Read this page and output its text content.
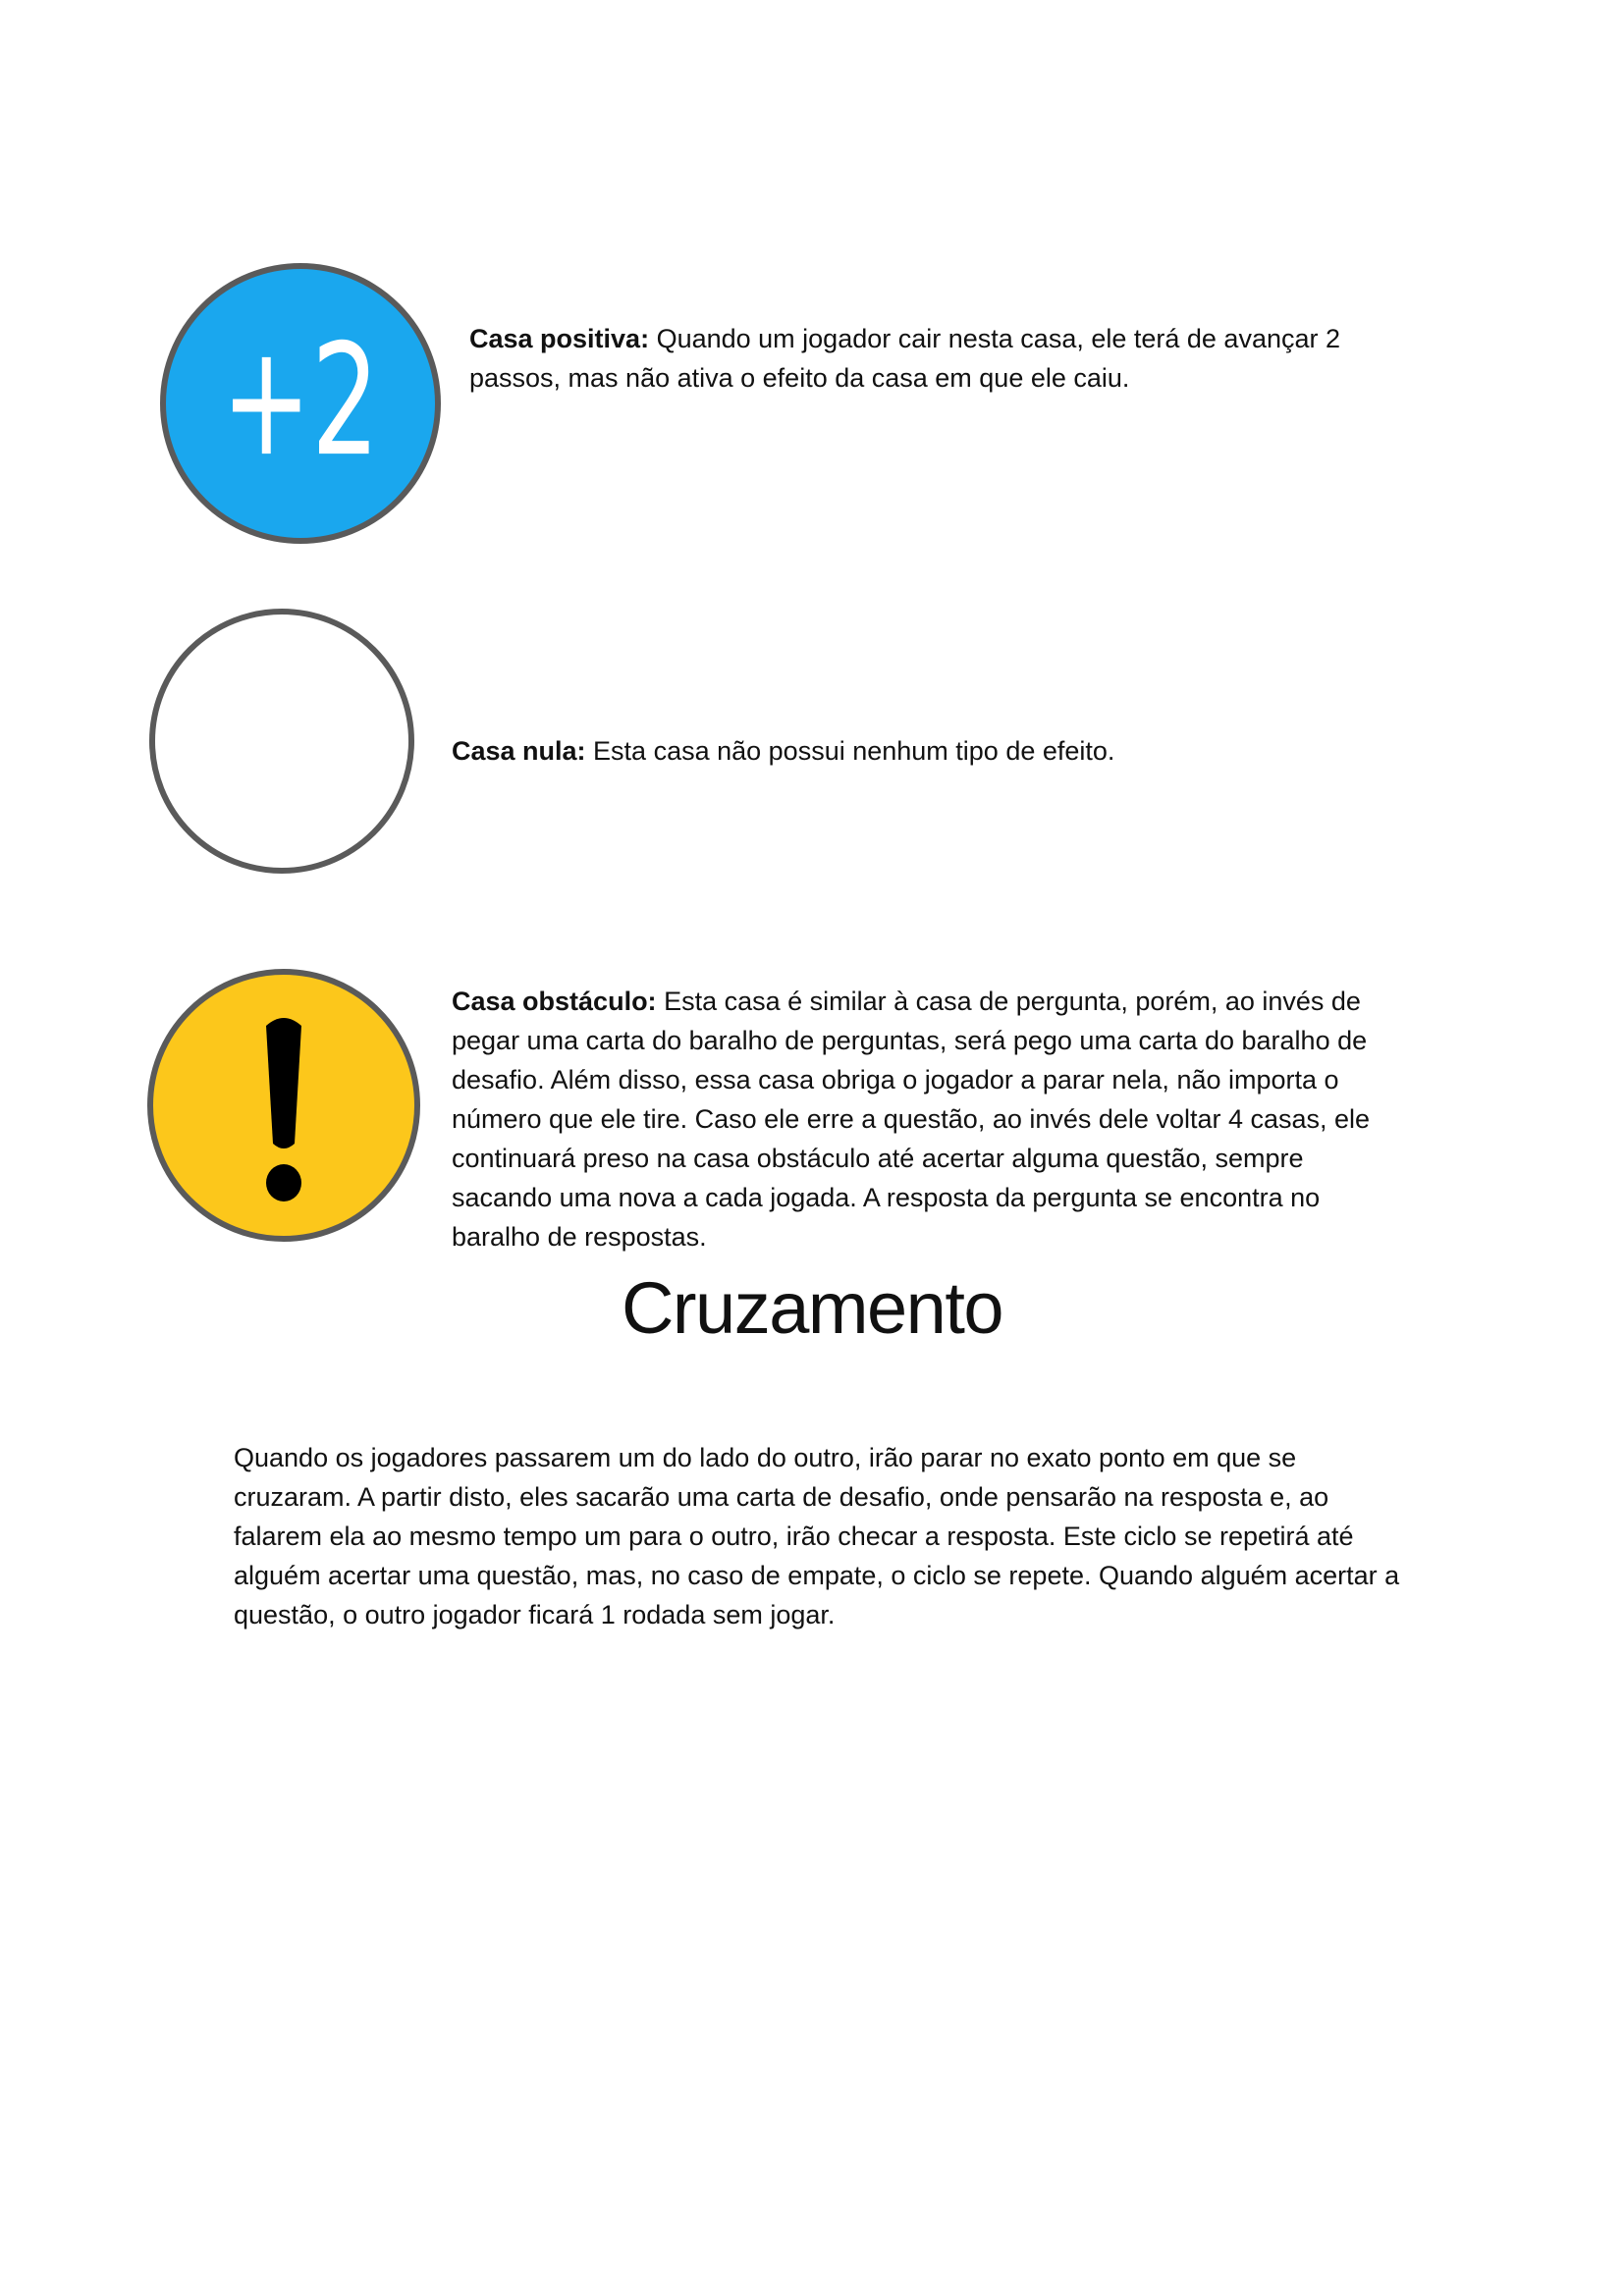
+2	Casa positiva: Quando um jogador cair nesta casa, ele terá de avançar 2 passos, mas não ativa o efeito da casa em que ele caiu.

Casa nula: Esta casa não possui nenhum tipo de efeito.

Casa obstáculo: Esta casa é similar à casa de pergunta, porém, ao invés de pegar uma carta do baralho de perguntas, será pego uma carta do baralho de desafio. Além disso, essa casa obriga o jogador a parar nela, não importa o número que ele tire. Caso ele erre a questão, ao invés dele voltar 4 casas, ele continuará preso na casa obstáculo até acertar alguma questão, sempre sacando uma nova a cada jogada. A resposta da pergunta se encontra no baralho de respostas.

Cruzamento

Quando os jogadores passarem um do lado do outro, irão parar no exato ponto em que se cruzaram. A partir disto, eles sacarão uma carta de desafio, onde pensarão na resposta e, ao falarem ela ao mesmo tempo um para o outro, irão checar a resposta. Este ciclo se repetirá até alguém acertar uma questão, mas, no caso de empate, o ciclo se repete. Quando alguém acertar a questão, o outro jogador ficará 1 rodada sem jogar.
